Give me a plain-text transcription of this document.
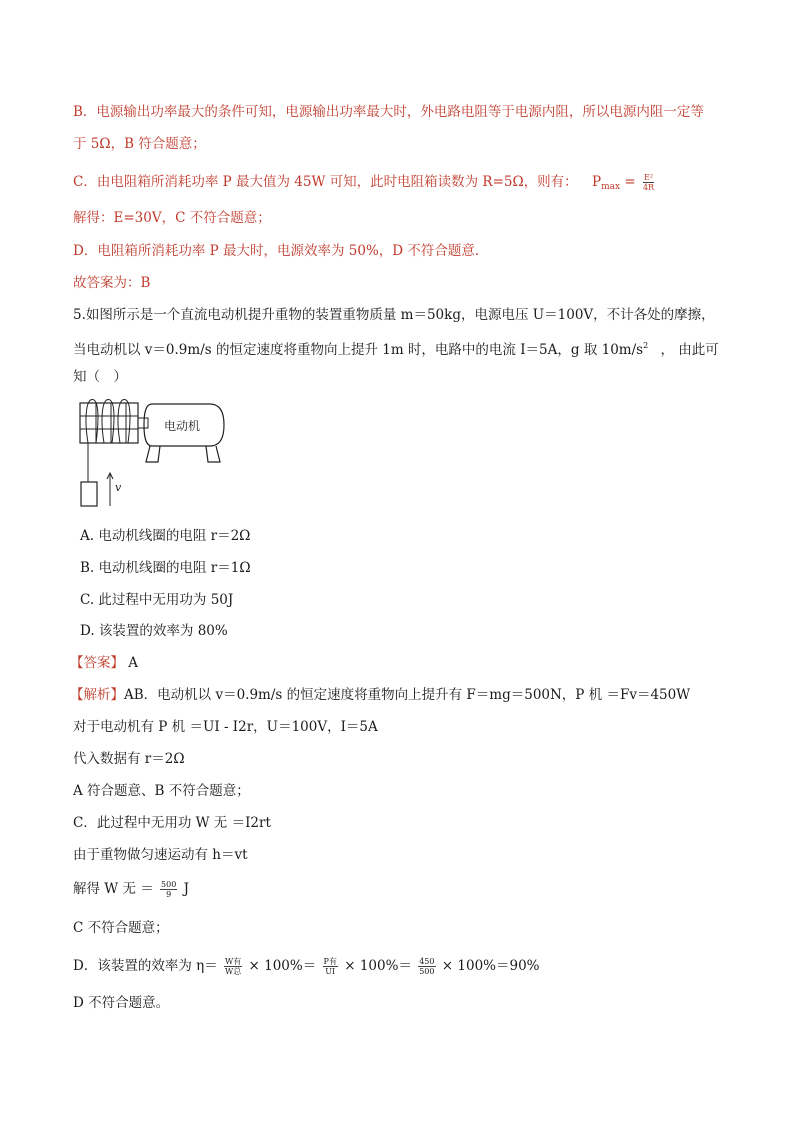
B．电源输出功率最大的条件可知，电源输出功率最大时，外电路电阻等于电源内阻，所以电源内阻一定等
于 5Ω，B 符合题意；
C．由电阻箱所消耗功率 P 最大值为 45W 可知，此时电阻箱读数为 R=5Ω，则有： $P_{max} = \frac{\text{E²}}{4R}$
解得：E=30V，C 不符合题意；
D．电阻箱所消耗功率 P 最大时，电源效率为 50%，D 不符合题意．
故答案为：B
5.如图所示是一个直流电动机提升重物的装置重物质量 m＝50kg，电源电压 U＝100V，不计各处的摩擦，
当电动机以 v＝0.9m/s 的恒定速度将重物向上提升 1m 时，电路中的电流 I＝5A，g 取 $10m/s^2$ ， 由此可
知（　）
电动机
v
A. 电动机线圈的电阻 r＝2Ω
B. 电动机线圈的电阻 r＝1Ω
C. 此过程中无用功为 50J
D. 该装置的效率为 80%
【答案】 A
【解析】AB．电动机以 v＝0.9m/s 的恒定速度将重物向上提升有 F＝mg＝500N，P 机 ＝Fv＝450W
对于电动机有 P 机 ＝UI - I2r，U＝100V，I＝5A
代入数据有 r＝2Ω
A 符合题意、B 不符合题意；
C．此过程中无用功 W 无 ＝I2rt
由于重物做匀速运动有 h＝vt
解得 W 无 ＝ $\frac{500}{9}$ J
C 不符合题意；
D．该装置的效率为 $\eta= \frac{\text{W有}}{\text{W总}} \times 100\%= \frac{\text{P有}}{UI} \times 100\%= \frac{450}{500} \times 100\%=90\%$
D 不符合题意。
